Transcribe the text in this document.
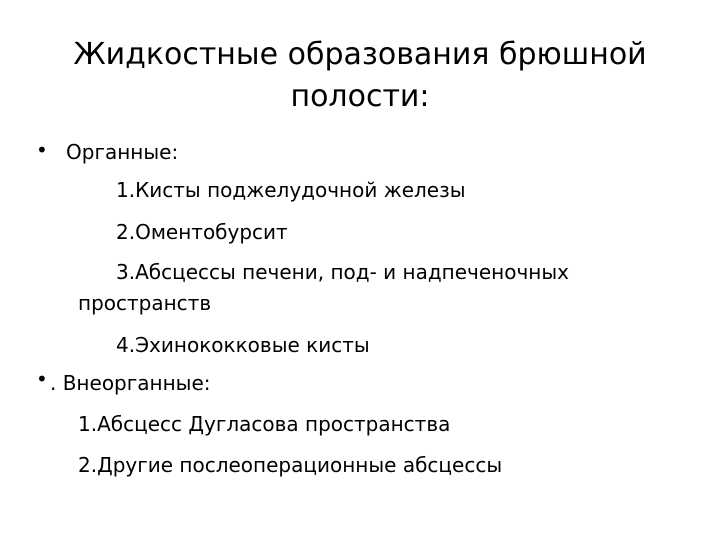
Жидкостные образования брюшной
полости:
• Органные:
1.Кисты поджелудочной железы
2.Оментобурсит
3.Абсцессы печени, под- и надпеченочных
пространств
4.Эхинококковые кисты
• . Внеорганные:
1.Абсцесс Дугласова пространства
2.Другие послеоперационные абсцессы
